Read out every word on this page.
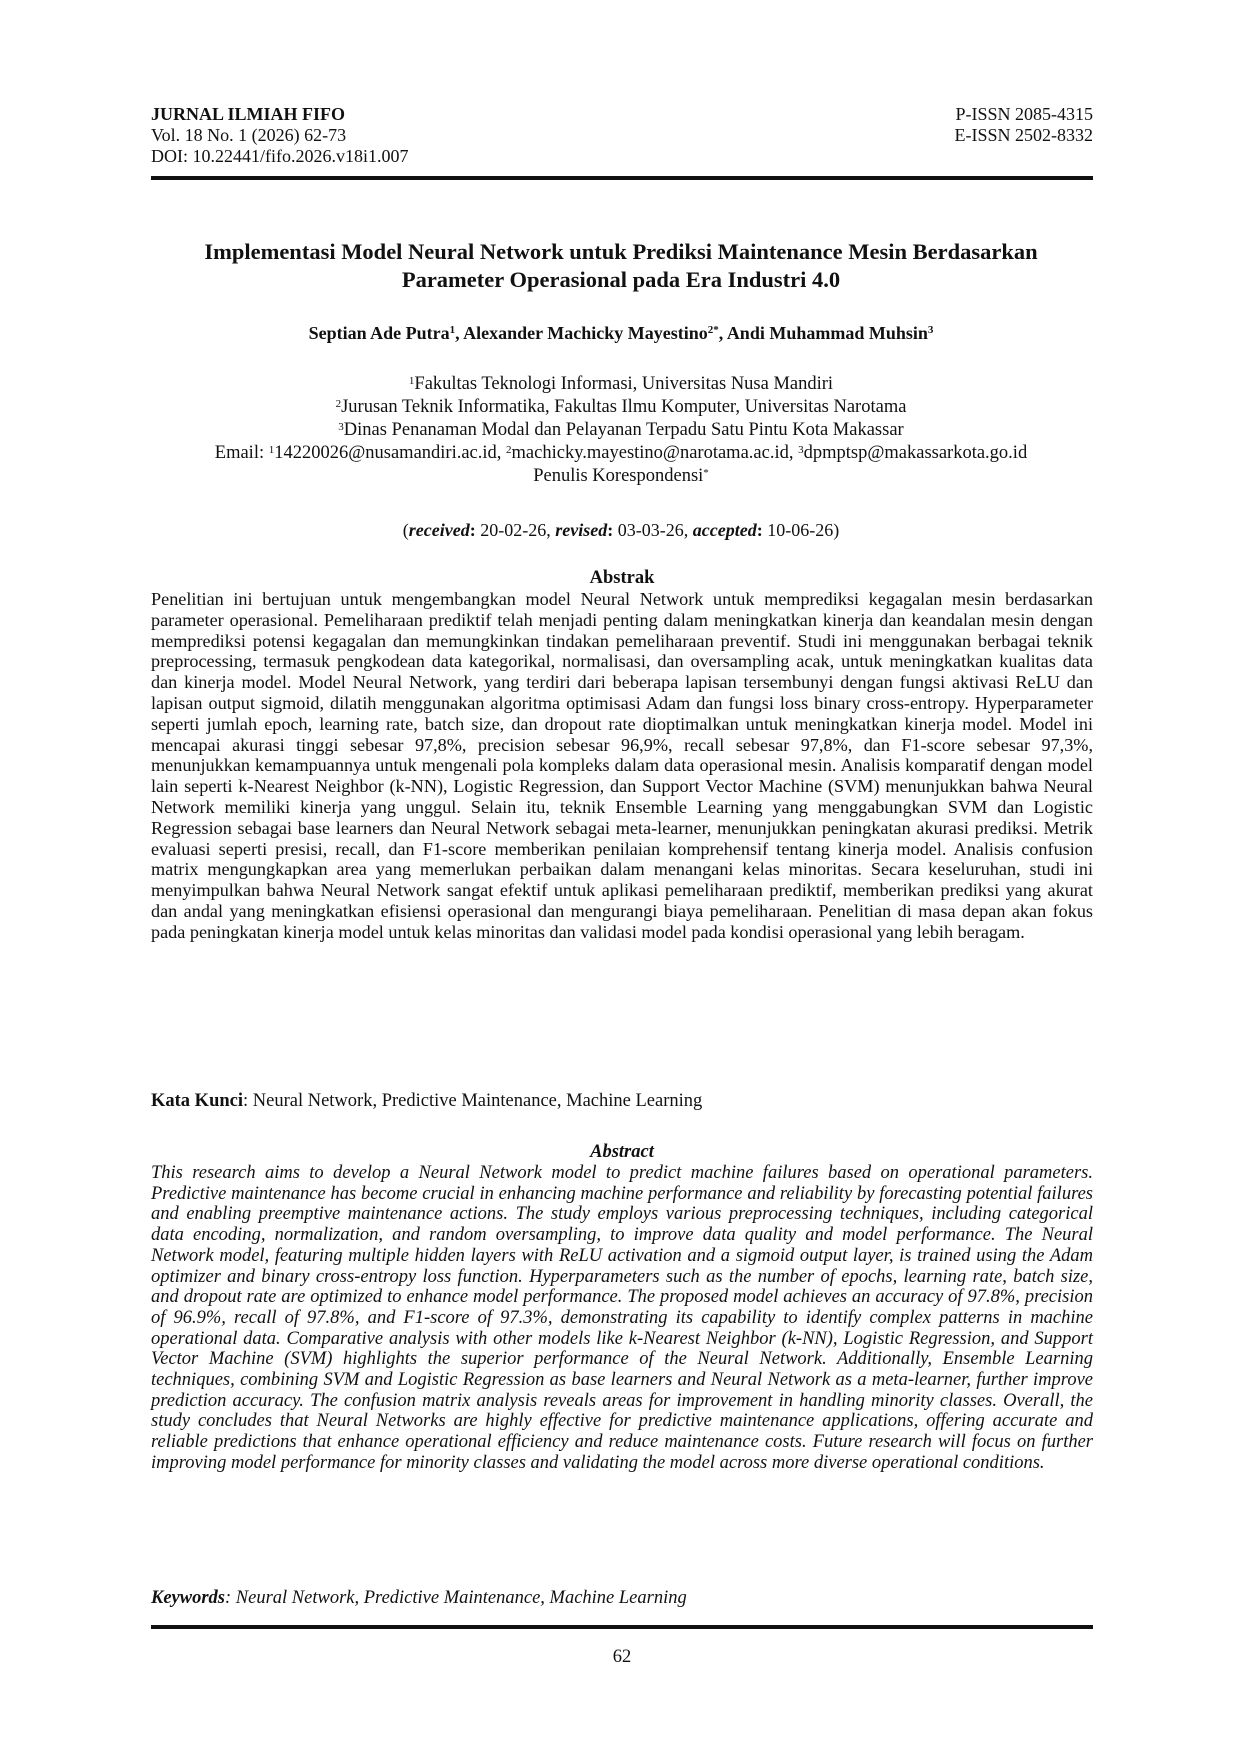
JURNAL ILMIAH FIFO	P-ISSN 2085-4315
Vol. 18 No. 1 (2026) 62-73	E-ISSN 2502-8332
DOI: 10.22441/fifo.2026.v18i1.007
Implementasi Model Neural Network untuk Prediksi Maintenance Mesin Berdasarkan
Parameter Operasional pada Era Industri 4.0
Septian Ade Putra$^1$, Alexander Machicky Mayestino$^{2*}$, Andi Muhammad Muhsin$^3$
$^1$Fakultas Teknologi Informasi, Universitas Nusa Mandiri
$^2$Jurusan Teknik Informatika, Fakultas Ilmu Komputer, Universitas Narotama
$^3$Dinas Penanaman Modal dan Pelayanan Terpadu Satu Pintu Kota Makassar
Email: $^1$14220026@nusamandiri.ac.id, $^2$machicky.mayestino@narotama.ac.id, $^3$dpmptsp@makassarkota.go.id
Penulis Korespondensi*
(received: 20-02-26, revised: 03-03-26, accepted: 10-06-26)
Abstrak
Penelitian ini bertujuan untuk mengembangkan model Neural Network untuk memprediksi kegagalan mesin berdasarkan parameter operasional. Pemeliharaan prediktif telah menjadi penting dalam meningkatkan kinerja dan keandalan mesin dengan memprediksi potensi kegagalan dan memungkinkan tindakan pemeliharaan preventif. Studi ini menggunakan berbagai teknik preprocessing, termasuk pengkodean data kategorikal, normalisasi, dan oversampling acak, untuk meningkatkan kualitas data dan kinerja model. Model Neural Network, yang terdiri dari beberapa lapisan tersembunyi dengan fungsi aktivasi ReLU dan lapisan output sigmoid, dilatih menggunakan algoritma optimisasi Adam dan fungsi loss binary cross-entropy. Hyperparameter seperti jumlah epoch, learning rate, batch size, dan dropout rate dioptimalkan untuk meningkatkan kinerja model. Model ini mencapai akurasi tinggi sebesar 97,8%, precision sebesar 96,9%, recall sebesar 97,8%, dan F1-score sebesar 97,3%, menunjukkan kemampuannya untuk mengenali pola kompleks dalam data operasional mesin. Analisis komparatif dengan model lain seperti k-Nearest Neighbor (k-NN), Logistic Regression, dan Support Vector Machine (SVM) menunjukkan bahwa Neural Network memiliki kinerja yang unggul. Selain itu, teknik Ensemble Learning yang menggabungkan SVM dan Logistic Regression sebagai base learners dan Neural Network sebagai meta-learner, menunjukkan peningkatan akurasi prediksi. Metrik evaluasi seperti presisi, recall, dan F1-score memberikan penilaian komprehensif tentang kinerja model. Analisis confusion matrix mengungkapkan area yang memerlukan perbaikan dalam menangani kelas minoritas. Secara keseluruhan, studi ini menyimpulkan bahwa Neural Network sangat efektif untuk aplikasi pemeliharaan prediktif, memberikan prediksi yang akurat dan andal yang meningkatkan efisiensi operasional dan mengurangi biaya pemeliharaan. Penelitian di masa depan akan fokus pada peningkatan kinerja model untuk kelas minoritas dan validasi model pada kondisi operasional yang lebih beragam.
Kata Kunci: Neural Network, Predictive Maintenance, Machine Learning
Abstract
This research aims to develop a Neural Network model to predict machine failures based on operational parameters. Predictive maintenance has become crucial in enhancing machine performance and reliability by forecasting potential failures and enabling preemptive maintenance actions. The study employs various preprocessing techniques, including categorical data encoding, normalization, and random oversampling, to improve data quality and model performance. The Neural Network model, featuring multiple hidden layers with ReLU activation and a sigmoid output layer, is trained using the Adam optimizer and binary cross-entropy loss function. Hyperparameters such as the number of epochs, learning rate, batch size, and dropout rate are optimized to enhance model performance. The proposed model achieves an accuracy of 97.8%, precision of 96.9%, recall of 97.8%, and F1-score of 97.3%, demonstrating its capability to identify complex patterns in machine operational data. Comparative analysis with other models like k-Nearest Neighbor (k-NN), Logistic Regression, and Support Vector Machine (SVM) highlights the superior performance of the Neural Network. Additionally, Ensemble Learning techniques, combining SVM and Logistic Regression as base learners and Neural Network as a meta-learner, further improve prediction accuracy. The confusion matrix analysis reveals areas for improvement in handling minority classes. Overall, the study concludes that Neural Networks are highly effective for predictive maintenance applications, offering accurate and reliable predictions that enhance operational efficiency and reduce maintenance costs. Future research will focus on further improving model performance for minority classes and validating the model across more diverse operational conditions.
Keywords: Neural Network, Predictive Maintenance, Machine Learning
62
